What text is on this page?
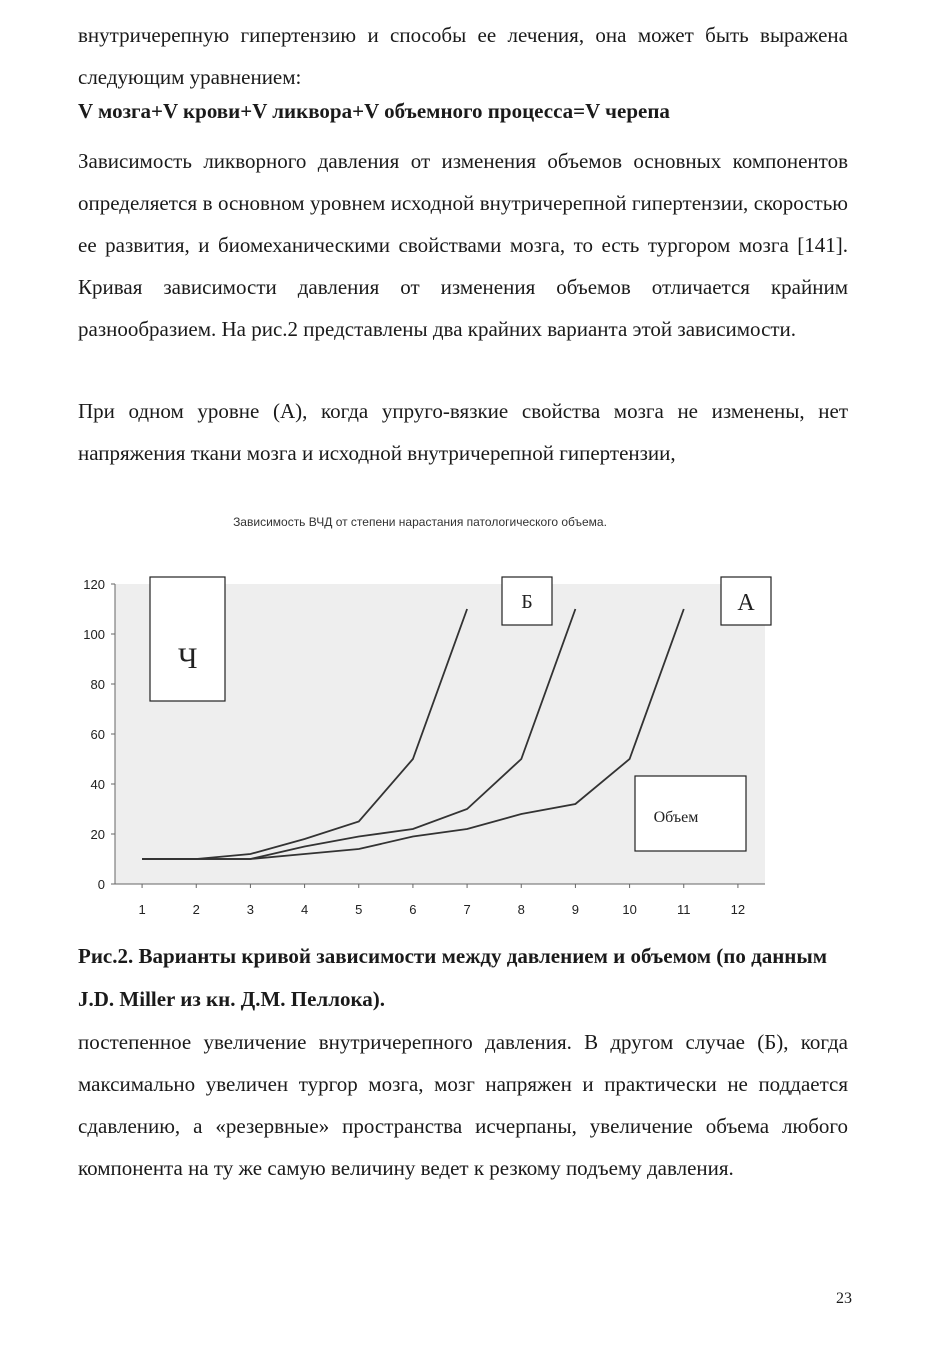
внутричерепную гипертензию и способы ее лечения, она может быть выражена следующим уравнением:

V мозга+V крови+V ликвора+V объемного процесса=V черепа

Зависимость ликворного давления от изменения объемов основных компонентов определяется в основном уровнем исходной внутричерепной гипертензии, скоростью ее развития, и биомеханическими свойствами мозга, то есть тургором мозга [141]. Кривая зависимости давления от изменения объемов отличается крайним разнообразием. На рис.2 представлены два крайних варианта этой зависимости.

При одном уровне (А), когда упруго-вязкие свойства мозга не изменены, нет напряжения ткани мозга и исходной внутричерепной гипертензии,

Зависимость ВЧД от степени нарастания патологического объема.
0
20
40
60
80
100
120
1	2	3	4	5	6	7	8	9	10	11	12
Ч
Б	А
Объем

Рис.2. Варианты кривой зависимости между давлением и объемом (по данным J.D. Miller из кн. Д.М. Пеллока).

постепенное увеличение внутричерепного давления. В другом случае (Б), когда максимально увеличен тургор мозга, мозг напряжен и практически не поддается сдавлению, а «резервные» пространства исчерпаны, увеличение объема любого компонента на ту же самую величину ведет к резкому подъему давления.

23
